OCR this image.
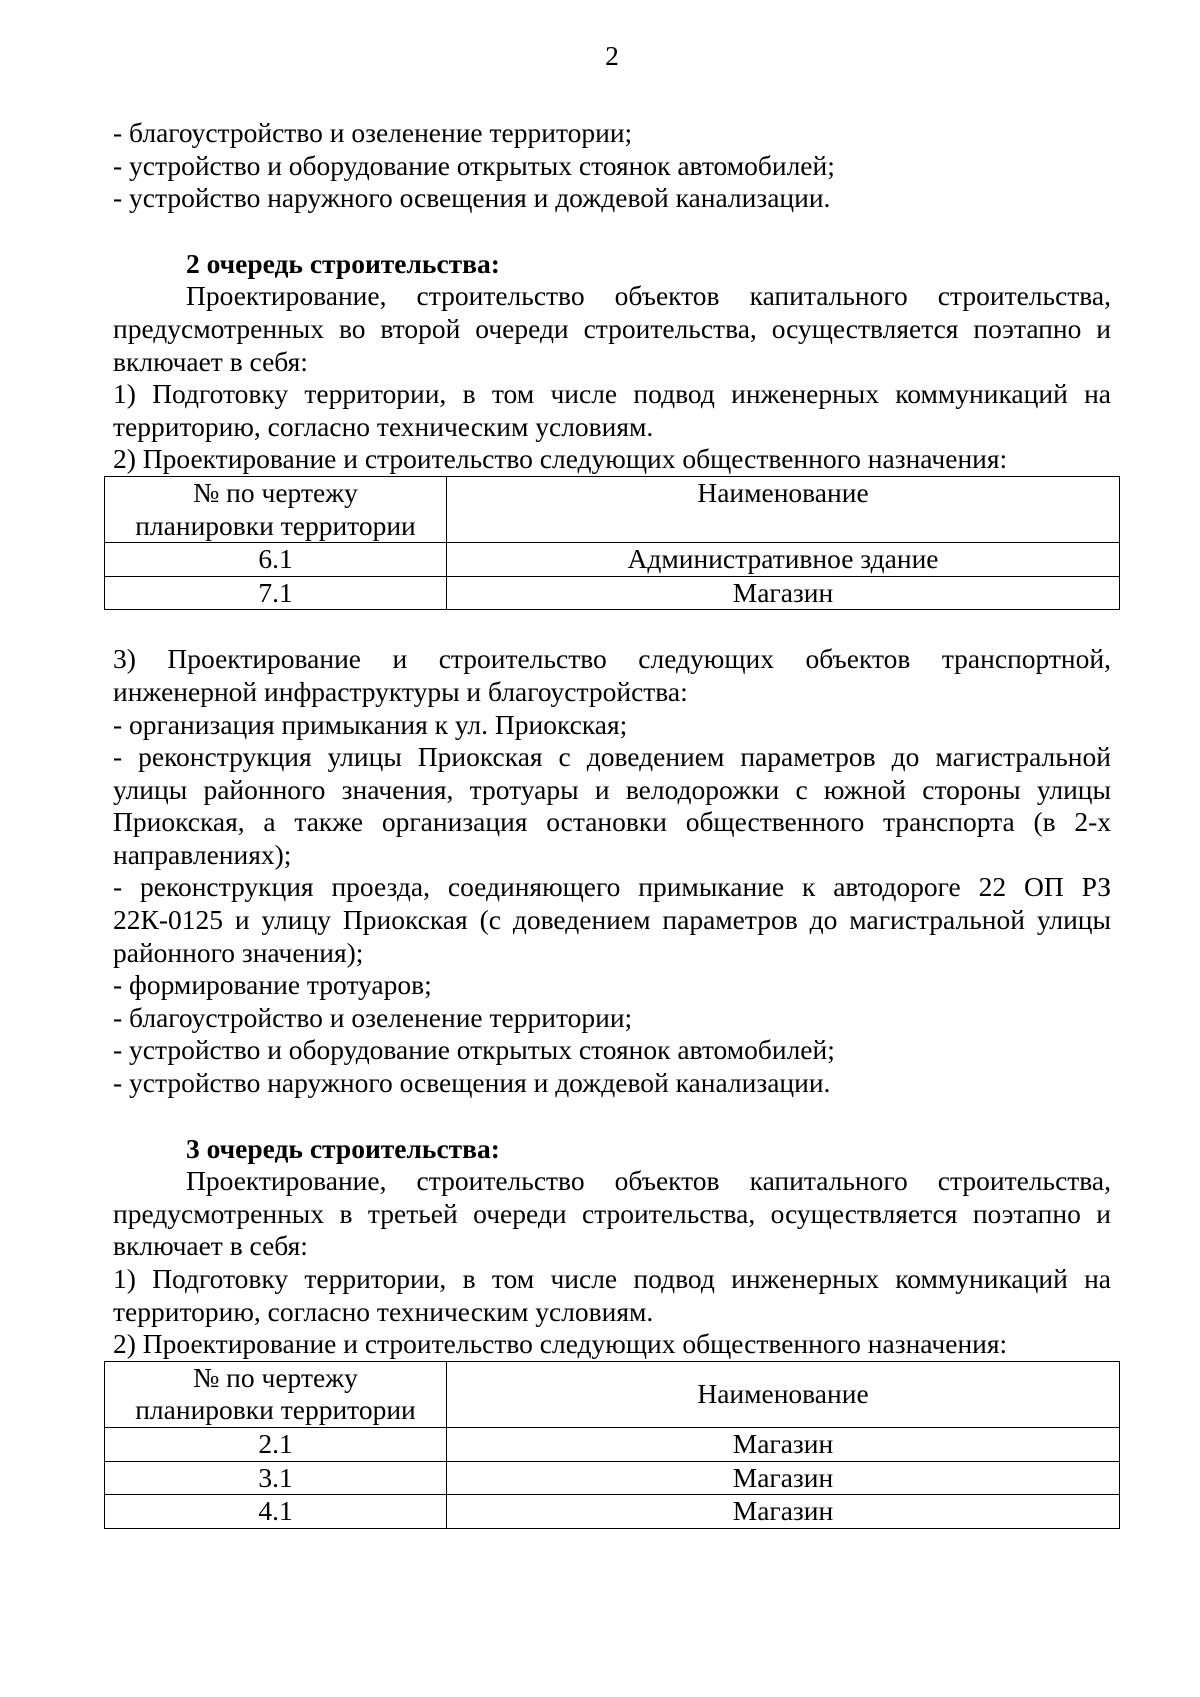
2
- благоустройство и озеленение территории;
- устройство и оборудование открытых стоянок автомобилей;
- устройство наружного освещения и дождевой канализации.
2 очередь строительства:
Проектирование, строительство объектов капитального строительства,
предусмотренных во второй очереди строительства, осуществляется поэтапно и
включает в себя:
1) Подготовку территории, в том числе подвод инженерных коммуникаций на
территорию, согласно техническим условиям.
2) Проектирование и строительство следующих общественного назначения:
№ по чертежу
планировки территории	Наименование
6.1	Административное здание
7.1	Магазин
3) Проектирование и строительство следующих объектов транспортной,
инженерной инфраструктуры и благоустройства:
- организация примыкания к ул. Приокская;
- реконструкция улицы Приокская с доведением параметров до магистральной
улицы районного значения, тротуары и велодорожки с южной стороны улицы
Приокская, а также организация остановки общественного транспорта (в 2-х
направлениях);
- реконструкция проезда, соединяющего примыкание к автодороге 22 ОП РЗ
22К-0125 и улицу Приокская (с доведением параметров до магистральной улицы
районного значения);
- формирование тротуаров;
- благоустройство и озеленение территории;
- устройство и оборудование открытых стоянок автомобилей;
- устройство наружного освещения и дождевой канализации.
3 очередь строительства:
Проектирование, строительство объектов капитального строительства,
предусмотренных в третьей очереди строительства, осуществляется поэтапно и
включает в себя:
1) Подготовку территории, в том числе подвод инженерных коммуникаций на
территорию, согласно техническим условиям.
2) Проектирование и строительство следующих общественного назначения:
№ по чертежу
планировки территории	Наименование
2.1	Магазин
3.1	Магазин
4.1	Магазин
